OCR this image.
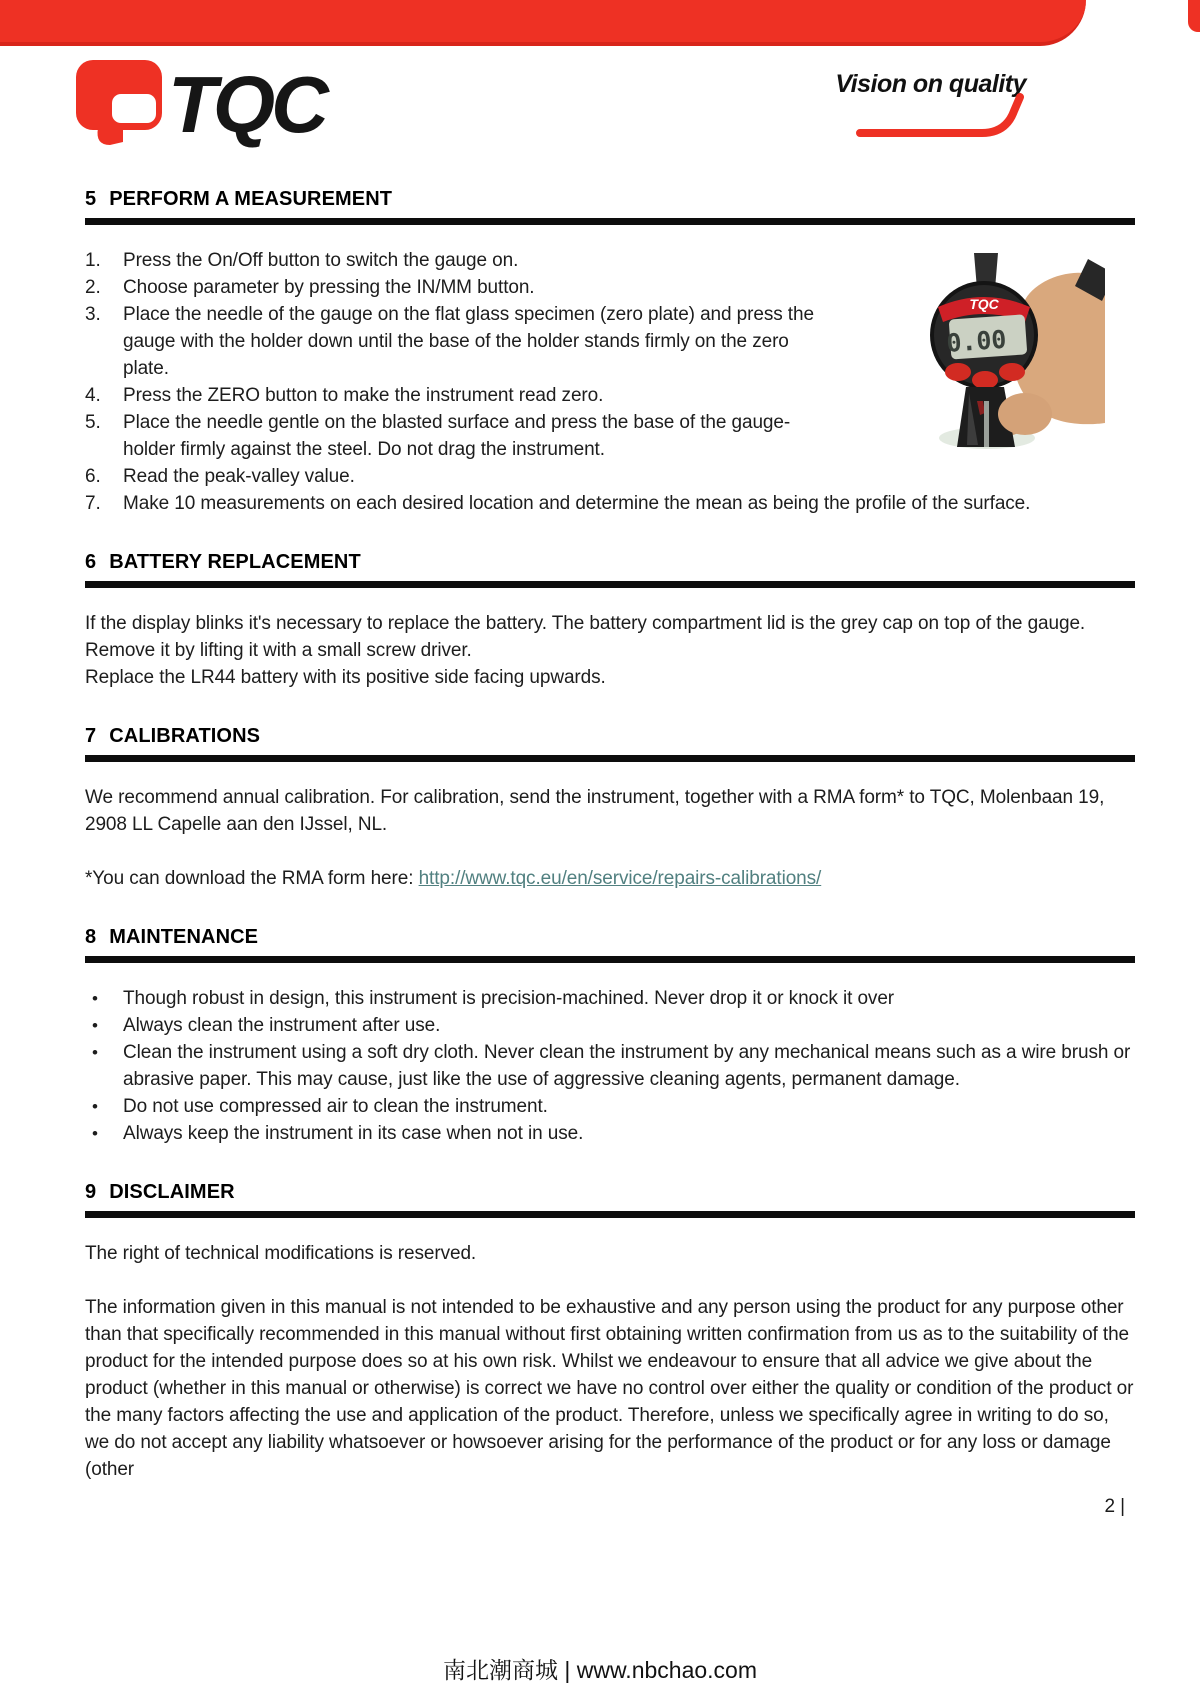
TQC	Vision on quality
5 PERFORM A MEASUREMENT
TQC
0.00
1. Press the On/Off button to switch the gauge on.
2. Choose parameter by pressing the IN/MM button.
3. Place the needle of the gauge on the flat glass specimen (zero plate) and press the gauge with the holder down until the base of the holder stands firmly on the zero plate.
4. Press the ZERO button to make the instrument read zero.
5. Place the needle gentle on the blasted surface and press the base of the gauge-holder firmly against the steel. Do not drag the instrument.
6. Read the peak-valley value.
7. Make 10 measurements on each desired location and determine the mean as being the profile of the surface.
6 BATTERY REPLACEMENT
If the display blinks it's necessary to replace the battery. The battery compartment lid is the grey cap on top of the gauge. Remove it by lifting it with a small screw driver.
Replace the LR44 battery with its positive side facing upwards.
7 CALIBRATIONS
We recommend annual calibration. For calibration, send the instrument, together with a RMA form* to TQC, Molenbaan 19, 2908 LL Capelle aan den IJssel, NL.
*You can download the RMA form here: http://www.tqc.eu/en/service/repairs-calibrations/
8 MAINTENANCE
• Though robust in design, this instrument is precision-machined. Never drop it or knock it over
• Always clean the instrument after use.
• Clean the instrument using a soft dry cloth. Never clean the instrument by any mechanical means such as a wire brush or abrasive paper. This may cause, just like the use of aggressive cleaning agents, permanent damage.
• Do not use compressed air to clean the instrument.
• Always keep the instrument in its case when not in use.
9 DISCLAIMER
The right of technical modifications is reserved.
The information given in this manual is not intended to be exhaustive and any person using the product for any purpose other than that specifically recommended in this manual without first obtaining written confirmation from us as to the suitability of the product for the intended purpose does so at his own risk. Whilst we endeavour to ensure that all advice we give about the product (whether in this manual or otherwise) is correct we have no control over either the quality or condition of the product or the many factors affecting the use and application of the product. Therefore, unless we specifically agree in writing to do so, we do not accept any liability whatsoever or howsoever arising for the performance of the product or for any loss or damage (other
2 |
南北潮商城 | www.nbchao.com
